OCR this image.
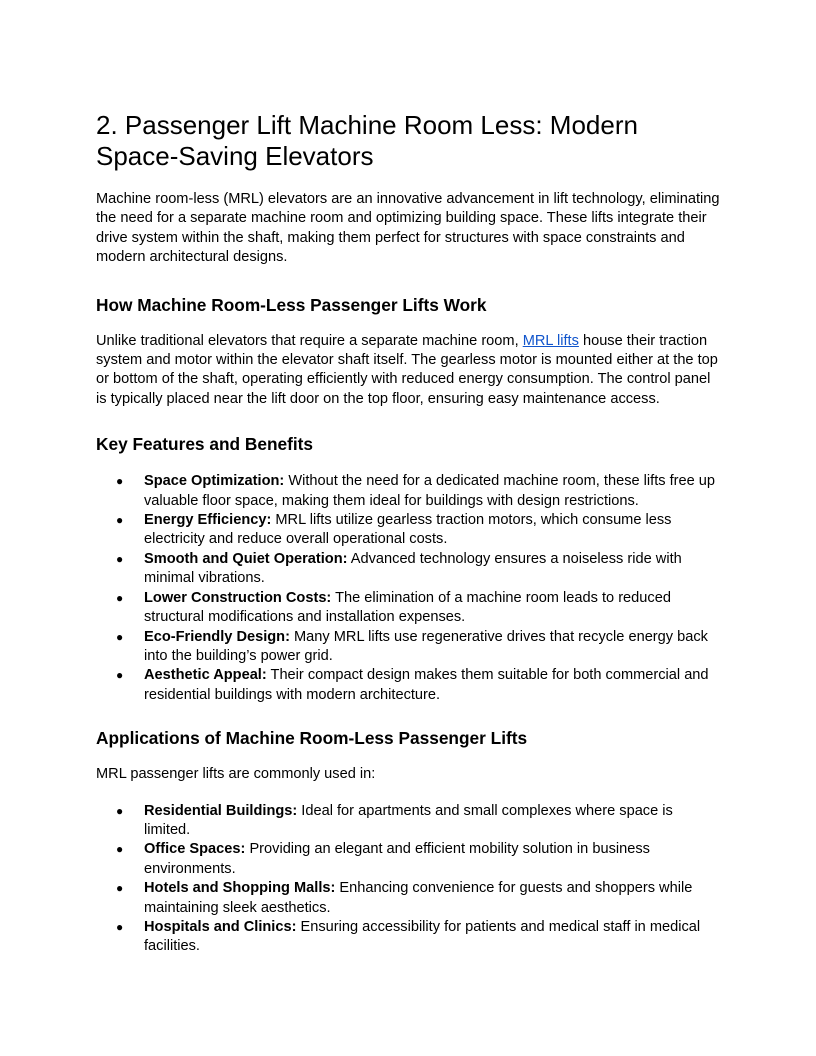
2. Passenger Lift Machine Room Less: Modern
Space-Saving Elevators

Machine room-less (MRL) elevators are an innovative advancement in lift technology, eliminating the need for a separate machine room and optimizing building space. These lifts integrate their drive system within the shaft, making them perfect for structures with space constraints and modern architectural designs.

How Machine Room-Less Passenger Lifts Work

Unlike traditional elevators that require a separate machine room, MRL lifts house their traction system and motor within the elevator shaft itself. The gearless motor is mounted either at the top or bottom of the shaft, operating efficiently with reduced energy consumption. The control panel is typically placed near the lift door on the top floor, ensuring easy maintenance access.

Key Features and Benefits
● Space Optimization: Without the need for a dedicated machine room, these lifts free up valuable floor space, making them ideal for buildings with design restrictions.
● Energy Efficiency: MRL lifts utilize gearless traction motors, which consume less electricity and reduce overall operational costs.
● Smooth and Quiet Operation: Advanced technology ensures a noiseless ride with minimal vibrations.
● Lower Construction Costs: The elimination of a machine room leads to reduced structural modifications and installation expenses.
● Eco-Friendly Design: Many MRL lifts use regenerative drives that recycle energy back into the building’s power grid.
● Aesthetic Appeal: Their compact design makes them suitable for both commercial and residential buildings with modern architecture.
Applications of Machine Room-Less Passenger Lifts

MRL passenger lifts are commonly used in:

● Residential Buildings: Ideal for apartments and small complexes where space is limited.
● Office Spaces: Providing an elegant and efficient mobility solution in business environments.
● Hotels and Shopping Malls: Enhancing convenience for guests and shoppers while maintaining sleek aesthetics.
● Hospitals and Clinics: Ensuring accessibility for patients and medical staff in medical facilities.
